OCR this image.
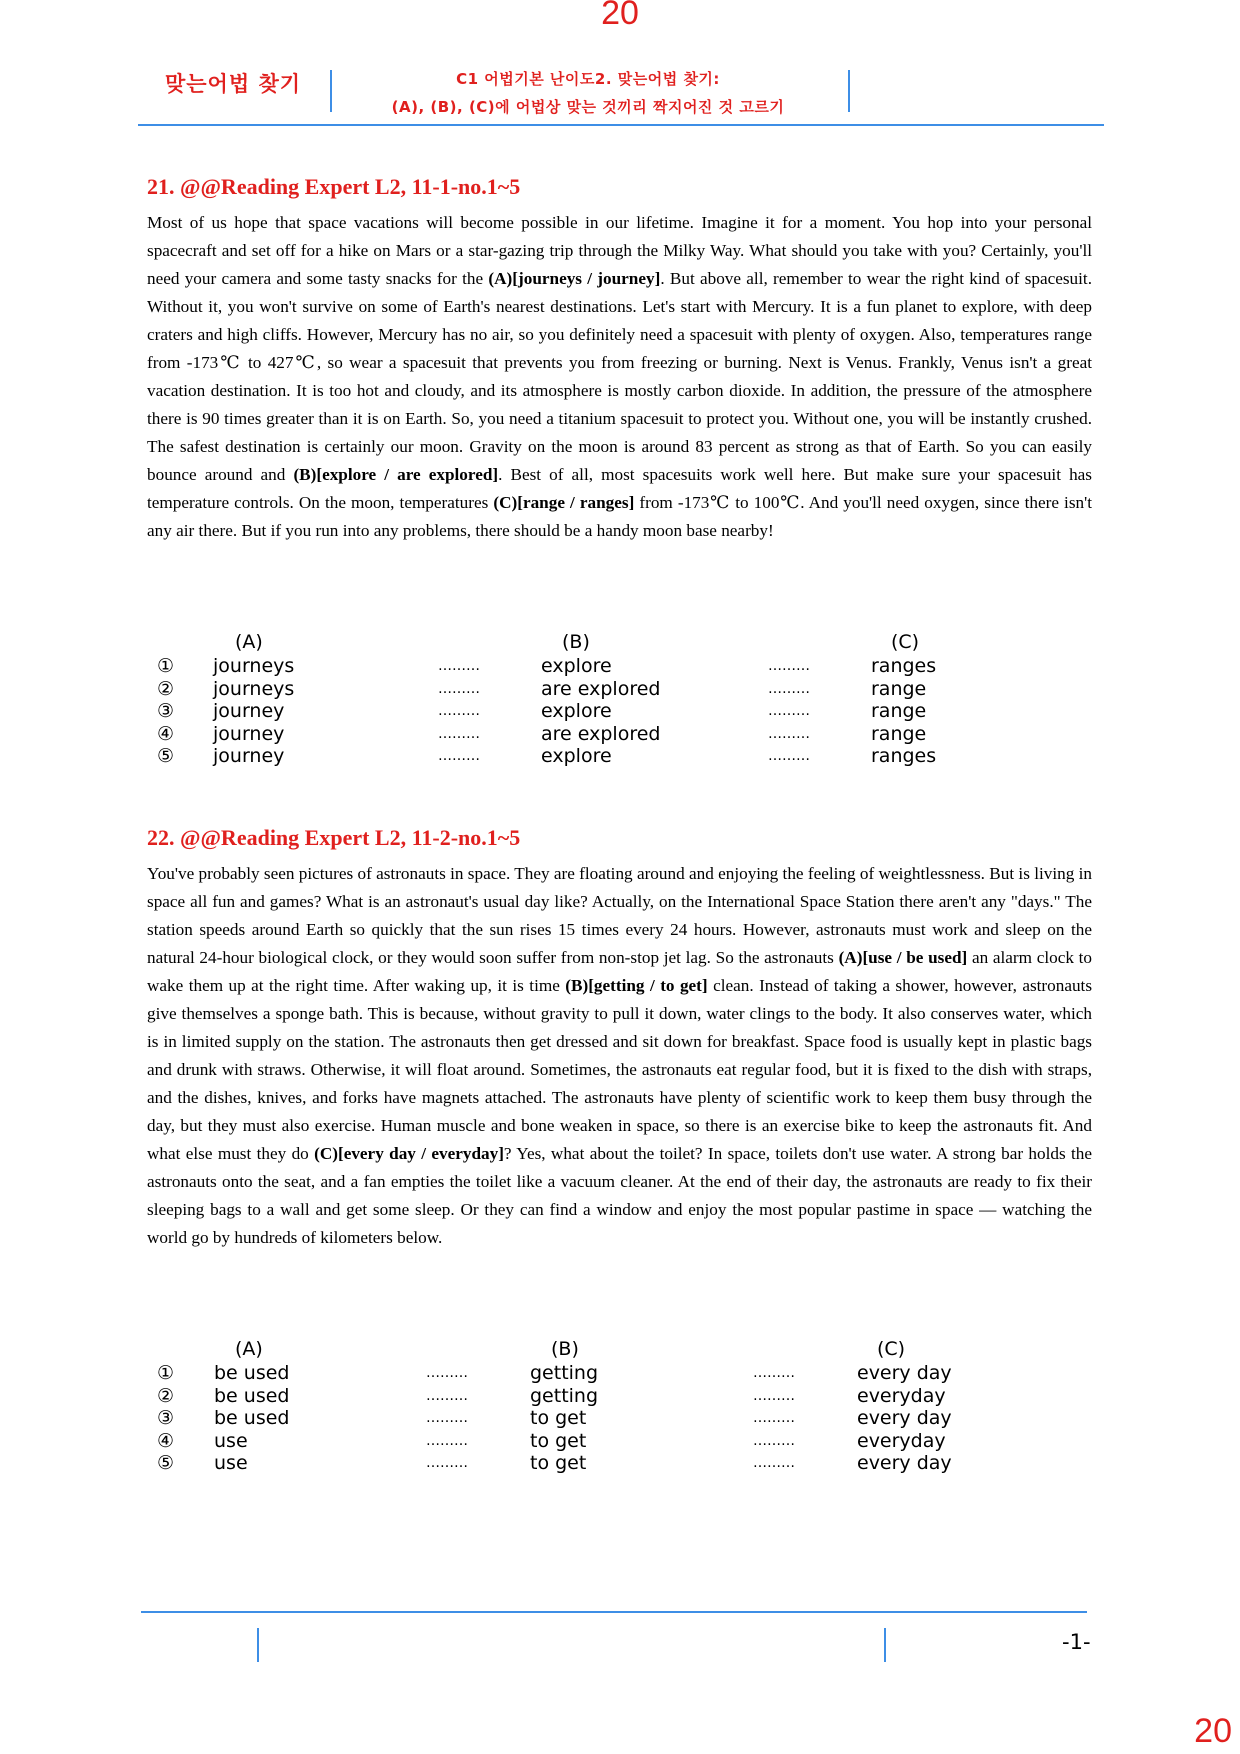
20
맞는어법 찾기	C1 어법기본 난이도2. 맞는어법 찾기:
(A), (B), (C)에 어법상 맞는 것끼리 짝지어진 것 고르기
21. @@Reading Expert L2, 11-1-no.1~5
Most of us hope that space vacations will become possible in our lifetime. Imagine it for a moment. You hop into your personal spacecraft and set off for a hike on Mars or a star-gazing trip through the Milky Way. What should you take with you? Certainly, you'll need your camera and some tasty snacks for the (A)[journeys / journey]. But above all, remember to wear the right kind of spacesuit. Without it, you won't survive on some of Earth's nearest destinations. Let's start with Mercury. It is a fun planet to explore, with deep craters and high cliffs. However, Mercury has no air, so you definitely need a spacesuit with plenty of oxygen. Also, temperatures range from -173℃ to 427℃, so wear a spacesuit that prevents you from freezing or burning. Next is Venus. Frankly, Venus isn't a great vacation destination. It is too hot and cloudy, and its atmosphere is mostly carbon dioxide. In addition, the pressure of the atmosphere there is 90 times greater than it is on Earth. So, you need a titanium spacesuit to protect you. Without one, you will be instantly crushed. The safest destination is certainly our moon. Gravity on the moon is around 83 percent as strong as that of Earth. So you can easily bounce around and (B)[explore / are explored]. Best of all, most spacesuits work well here. But make sure your spacesuit has temperature controls. On the moon, temperatures (C)[range / ranges] from -173℃ to 100℃. And you'll need oxygen, since there isn't any air there. But if you run into any problems, there should be a handy moon base nearby!
(A)	(B)	(C)
① journeys	………	explore	………	ranges
② journeys	………	are explored	………	range
③ journey	………	explore	………	range
④ journey	………	are explored	………	range
⑤ journey	………	explore	………	ranges
22. @@Reading Expert L2, 11-2-no.1~5
You've probably seen pictures of astronauts in space. They are floating around and enjoying the feeling of weightlessness. But is living in space all fun and games? What is an astronaut's usual day like? Actually, on the International Space Station there aren't any "days." The station speeds around Earth so quickly that the sun rises 15 times every 24 hours. However, astronauts must work and sleep on the natural 24-hour biological clock, or they would soon suffer from non-stop jet lag. So the astronauts (A)[use / be used] an alarm clock to wake them up at the right time. After waking up, it is time (B)[getting / to get] clean. Instead of taking a shower, however, astronauts give themselves a sponge bath. This is because, without gravity to pull it down, water clings to the body. It also conserves water, which is in limited supply on the station. The astronauts then get dressed and sit down for breakfast. Space food is usually kept in plastic bags and drunk with straws. Otherwise, it will float around. Sometimes, the astronauts eat regular food, but it is fixed to the dish with straps, and the dishes, knives, and forks have magnets attached. The astronauts have plenty of scientific work to keep them busy through the day, but they must also exercise. Human muscle and bone weaken in space, so there is an exercise bike to keep the astronauts fit. And what else must they do (C)[every day / everyday]? Yes, what about the toilet? In space, toilets don't use water. A strong bar holds the astronauts onto the seat, and a fan empties the toilet like a vacuum cleaner. At the end of their day, the astronauts are ready to fix their sleeping bags to a wall and get some sleep. Or they can find a window and enjoy the most popular pastime in space — watching the world go by hundreds of kilometers below.
(A)	(B)	(C)
① be used	………	getting	………	every day
② be used	………	getting	………	everyday
③ be used	………	to get	………	every day
④ use	………	to get	………	everyday
⑤ use	………	to get	………	every day
-1-
20
